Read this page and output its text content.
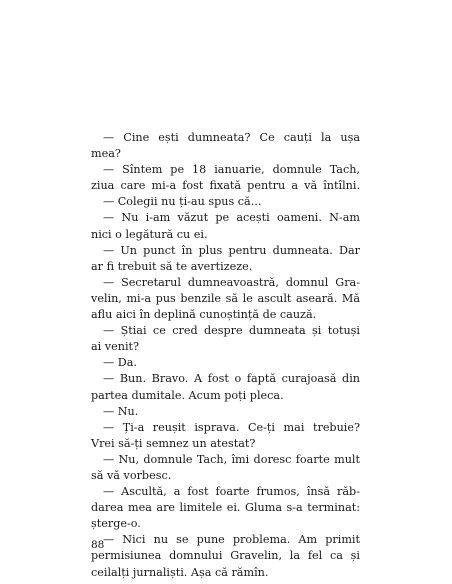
— Cine ești dumneata? Ce cauți la ușa
mea?
— Sîntem pe 18 ianuarie, domnule Tach,
ziua care mi-a fost fixată pentru a vă întîlni.
— Colegii nu ți-au spus că...
— Nu i-am văzut pe acești oameni. N-am
nici o legătură cu ei.
— Un punct în plus pentru dumneata. Dar
ar fi trebuit să te avertizeze.
— Secretarul dumneavoastră, domnul Gra-
velin, mi-a pus benzile să le ascult aseară. Mă
aflu aici în deplină cunoștință de cauză.
— Știai ce cred despre dumneata și totuși
ai venit?
— Da.
— Bun. Bravo. A fost o faptă curajoasă din
partea dumitale. Acum poți pleca.
— Nu.
— Ți-a reușit isprava. Ce-ți mai trebuie?
Vrei să-ți semnez un atestat?
— Nu, domnule Tach, îmi doresc foarte mult
să vă vorbesc.
— Ascultă, a fost foarte frumos, însă răb-
darea mea are limitele ei. Gluma s-a terminat:
șterge-o.
— Nici nu se pune problema. Am primit
permisiunea domnului Gravelin, la fel ca și
ceilalți jurnaliști. Așa că rămîn.
88
